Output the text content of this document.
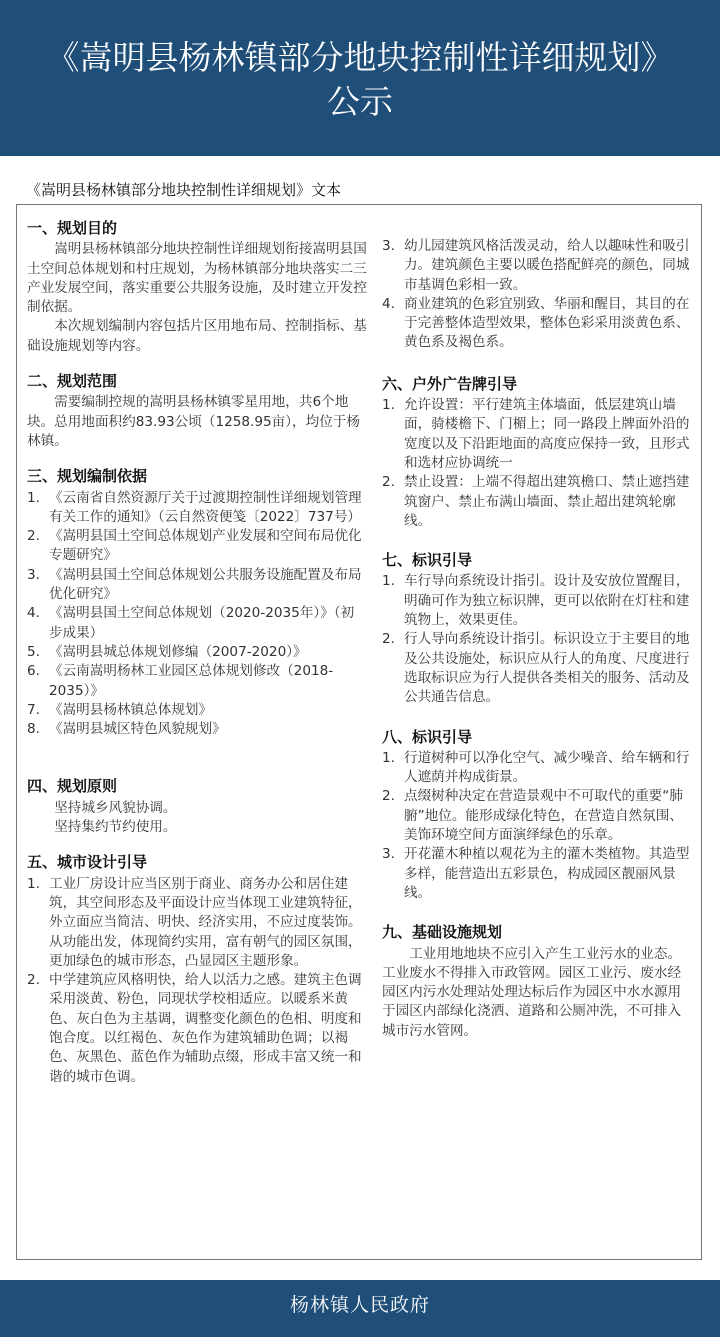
《嵩明县杨林镇部分地块控制性详细规划》
公示
《嵩明县杨林镇部分地块控制性详细规划》文本
一、规划目的

嵩明县杨林镇部分地块控制性详细规划衔接嵩明县国土空间总体规划和村庄规划，为杨林镇部分地块落实二三产业发展空间，落实重要公共服务设施，及时建立开发控制依据。

本次规划编制内容包括片区用地布局、控制指标、基础设施规划等内容。

二、规划范围

需要编制控规的嵩明县杨林镇零星用地，共6个地块。总用地面积约83.93公顷（1258.95亩），均位于杨林镇。

三、规划编制依据
1. 《云南省自然资源厅关于过渡期控制性详细规划管理有关工作的通知》（云自然资便笺〔2022〕737号）
2. 《嵩明县国土空间总体规划产业发展和空间布局优化专题研究》
3. 《嵩明县国土空间总体规划公共服务设施配置及布局优化研究》
4. 《嵩明县国土空间总体规划（2020-2035年）》（初步成果）
5. 《嵩明县城总体规划修编（2007-2020）》
6. 《云南嵩明杨林工业园区总体规划修改（2018-2035）》
7. 《嵩明县杨林镇总体规划》
8. 《嵩明县城区特色风貌规划》
四、规划原则

坚持城乡风貌协调。

坚持集约节约使用。

五、城市设计引导
1. 工业厂房设计应当区别于商业、商务办公和居住建筑，其空间形态及平面设计应当体现工业建筑特征，外立面应当简洁、明快、经济实用，不应过度装饰。从功能出发，体现简约实用，富有朝气的园区氛围，更加绿色的城市形态，凸显园区主题形象。
2. 中学建筑应风格明快，给人以活力之感。建筑主色调采用淡黄、粉色，同现状学校相适应。以暖系米黄色、灰白色为主基调，调整变化颜色的色相、明度和饱合度。以红褐色、灰色作为建筑辅助色调；以褐色、灰黑色、蓝色作为辅助点缀，形成丰富又统一和谐的城市色调。
3. 幼儿园建筑风格活泼灵动，给人以趣味性和吸引力。建筑颜色主要以暖色搭配鲜亮的颜色，同城市基调色彩相一致。
4. 商业建筑的色彩宜别致、华丽和醒目，其目的在于完善整体造型效果，整体色彩采用淡黄色系、黄色系及褐色系。
六、户外广告牌引导
1. 允许设置：平行建筑主体墙面，低层建筑山墙面，骑楼檐下、门楣上；同一路段上牌面外沿的宽度以及下沿距地面的高度应保持一致，且形式和选材应协调统一
2. 禁止设置：上端不得超出建筑檐口、禁止遮挡建筑窗户、禁止布满山墙面、禁止超出建筑轮廓线。
七、标识引导
1. 车行导向系统设计指引。设计及安放位置醒目，明确可作为独立标识牌，更可以依附在灯柱和建筑物上，效果更佳。
2. 行人导向系统设计指引。标识设立于主要目的地及公共设施处，标识应从行人的角度、尺度进行选取标识应为行人提供各类相关的服务、活动及公共通告信息。
八、标识引导
1. 行道树种可以净化空气、减少噪音、给车辆和行人遮荫并构成街景。
2. 点缀树种决定在营造景观中不可取代的重要“肺腑”地位。能形成绿化特色，在营造自然氛围、美饰环境空间方面演绎绿色的乐章。
3. 开花灌木种植以观花为主的灌木类植物。其造型多样，能营造出五彩景色，构成园区靓丽风景线。
九、基础设施规划

工业用地地块不应引入产生工业污水的业态。工业废水不得排入市政管网。园区工业污、废水经园区内污水处理站处理达标后作为园区中水水源用于园区内部绿化浇洒、道路和公厕冲洗，不可排入城市污水管网。

杨林镇人民政府
